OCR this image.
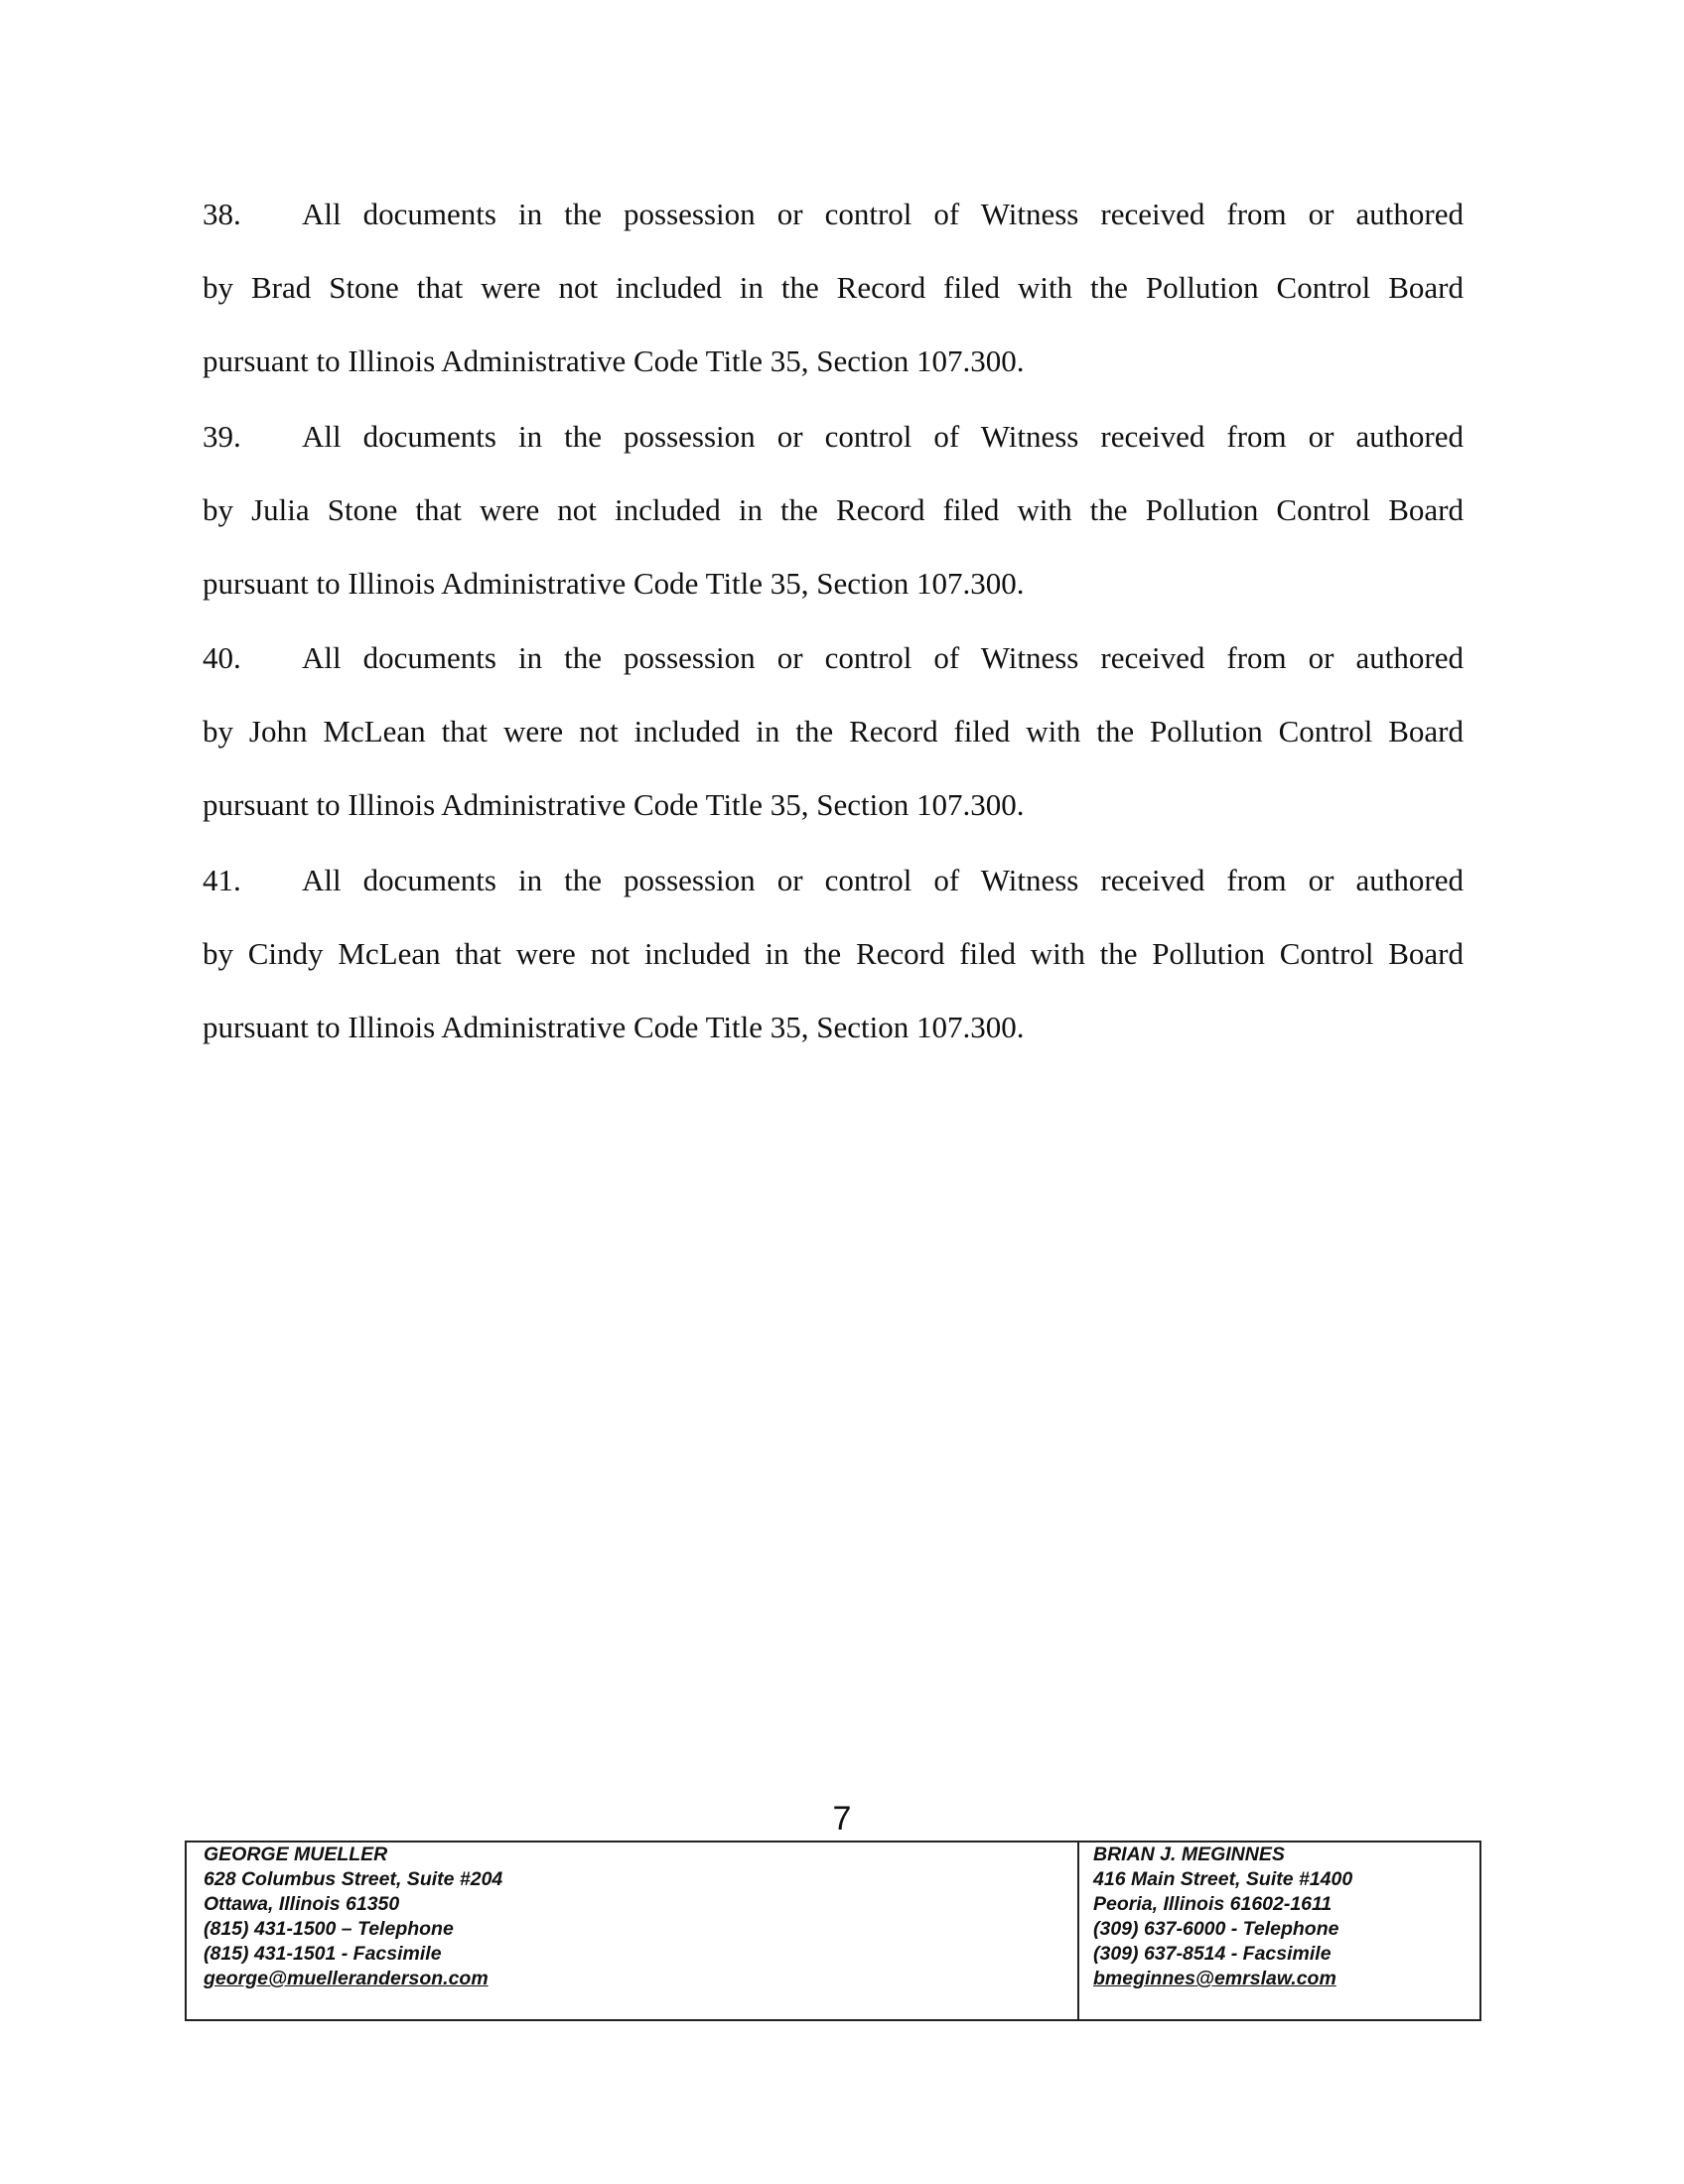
38. All documents in the possession or control of Witness received from or authored
by Brad Stone that were not included in the Record filed with the Pollution Control Board
pursuant to Illinois Administrative Code Title 35, Section 107.300.
39. All documents in the possession or control of Witness received from or authored
by Julia Stone that were not included in the Record filed with the Pollution Control Board
pursuant to Illinois Administrative Code Title 35, Section 107.300.
40. All documents in the possession or control of Witness received from or authored
by John McLean that were not included in the Record filed with the Pollution Control Board
pursuant to Illinois Administrative Code Title 35, Section 107.300.
41. All documents in the possession or control of Witness received from or authored
by Cindy McLean that were not included in the Record filed with the Pollution Control Board
pursuant to Illinois Administrative Code Title 35, Section 107.300.
7
GEORGE MUELLER
628 Columbus Street, Suite #204
Ottawa, Illinois 61350
(815) 431-1500 – Telephone
(815) 431-1501 - Facsimile
george@muelleranderson.com
BRIAN J. MEGINNES
416 Main Street, Suite #1400
Peoria, Illinois 61602-1611
(309) 637-6000 - Telephone
(309) 637-8514 - Facsimile
bmeginnes@emrslaw.com
